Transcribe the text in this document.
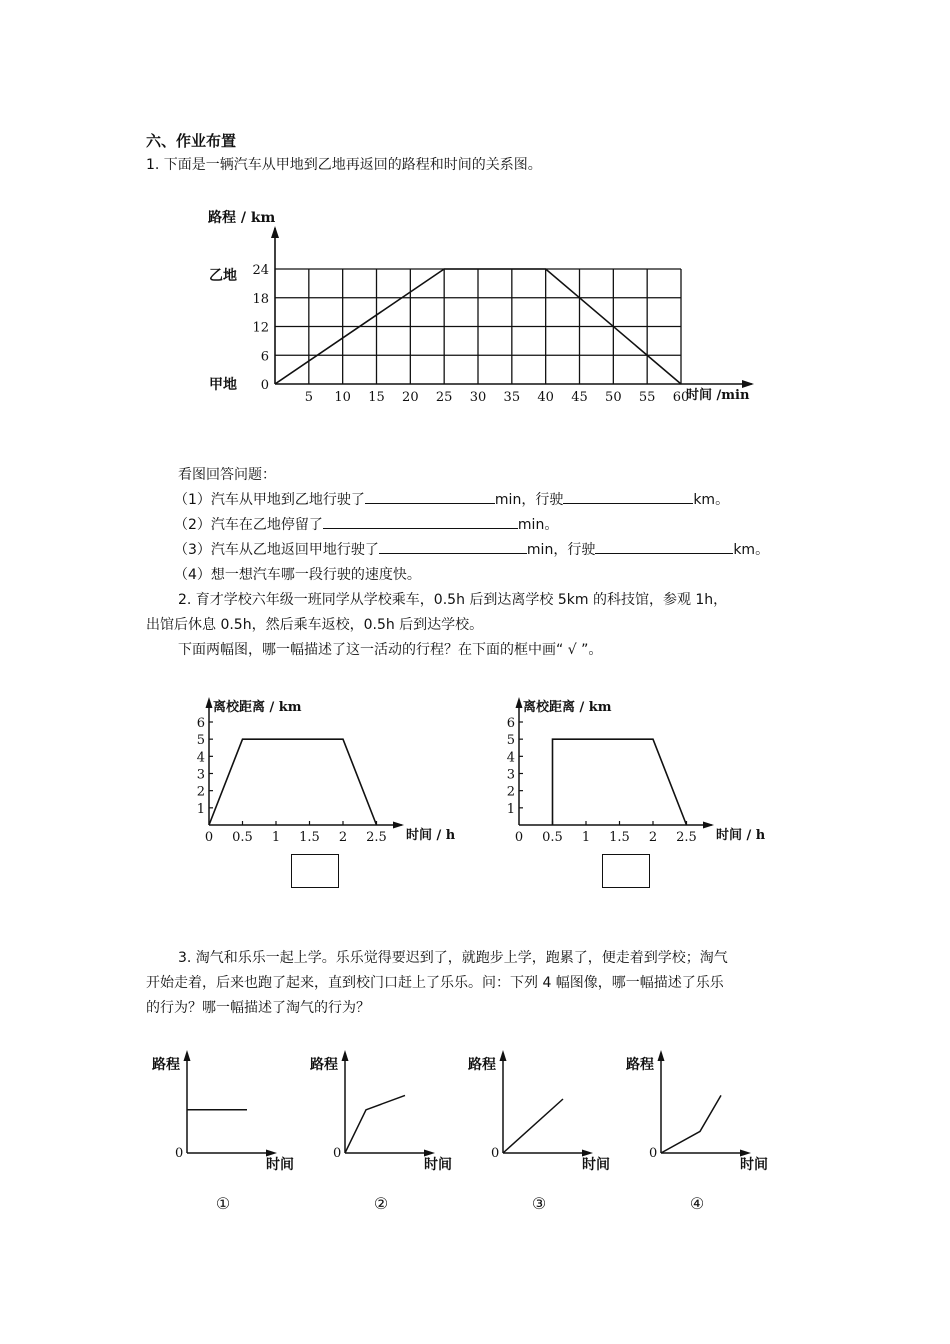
六、作业布置
1. 下面是一辆汽车从甲地到乙地再返回的路程和时间的关系图。
路程 / km
时间 /min
乙地
甲地
5 10 15 20 25 30 35 40 45 50 55 60
0
6
12
18
24
看图回答问题：
（1）汽车从甲地到乙地行驶了	min，行驶	km。
（2）汽车在乙地停留了	min。
（3）汽车从乙地返回甲地行驶了	min，行驶	km。
（4）想一想汽车哪一段行驶的速度快。
2. 育才学校六年级一班同学从学校乘车，0.5h 后到达离学校 5km 的科技馆，参观 1h，
出馆后休息 0.5h，然后乘车返校，0.5h 后到达学校。
下面两幅图，哪一幅描述了这一活动的行程？在下面的框中画“ √ ”。
离校距离 / km
时间 / h
1
2
3
4
5
6
0 0.5 1 1.5 2 2.5
离校距离 / km
时间 / h
1
2
3
4
5
6
0 0.5 1 1.5 2 2.5
3. 淘气和乐乐一起上学。乐乐觉得要迟到了，就跑步上学，跑累了，便走着到学校；淘气
开始走着，后来也跑了起来，直到校门口赶上了乐乐。问：下列 4 幅图像，哪一幅描述了乐乐
的行为？哪一幅描述了淘气的行为？
路程
时间
0
①
路程
时间
0
②
路程
时间
0
③
路程
时间
0
④
